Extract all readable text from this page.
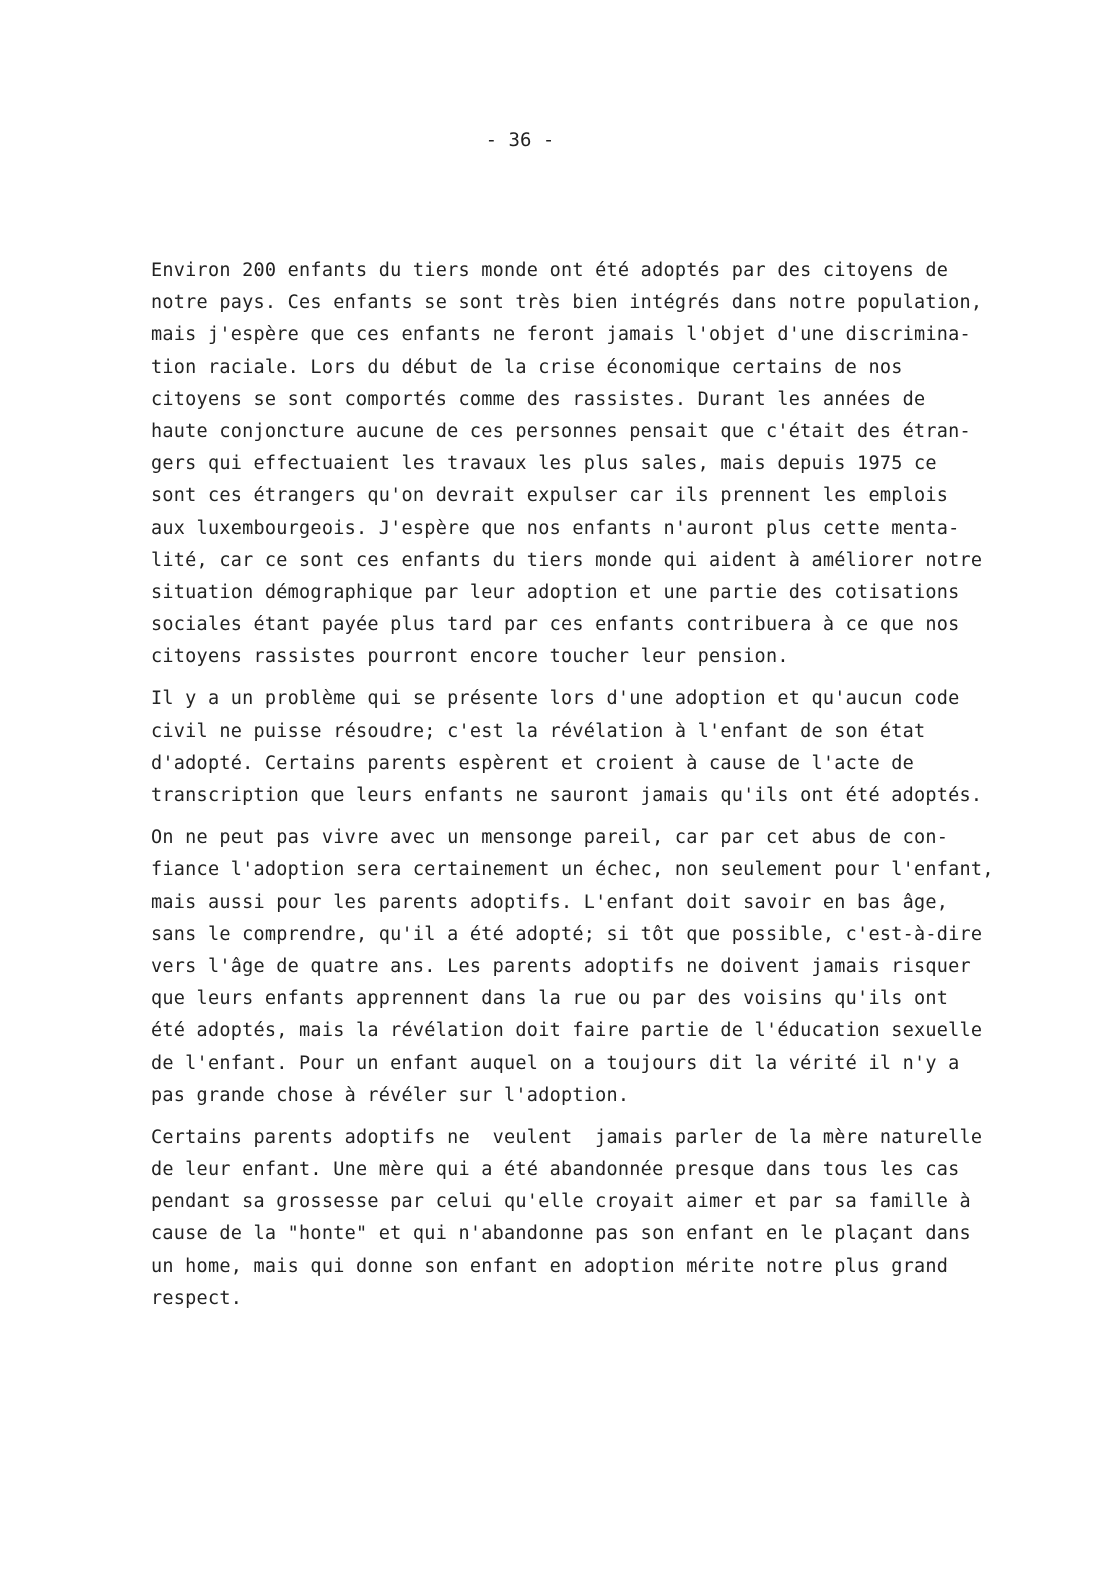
- 36 -
Environ 200 enfants du tiers monde ont été adoptés par des citoyens de
notre pays. Ces enfants se sont très bien intégrés dans notre population,
mais j'espère que ces enfants ne feront jamais l'objet d'une discrimina-
tion raciale. Lors du début de la crise économique certains de nos
citoyens se sont comportés comme des rassistes. Durant les années de
haute conjoncture aucune de ces personnes pensait que c'était des étran-
gers qui effectuaient les travaux les plus sales, mais depuis 1975 ce
sont ces étrangers qu'on devrait expulser car ils prennent les emplois
aux luxembourgeois. J'espère que nos enfants n'auront plus cette menta-
lité, car ce sont ces enfants du tiers monde qui aident à améliorer notre
situation démographique par leur adoption et une partie des cotisations
sociales étant payée plus tard par ces enfants contribuera à ce que nos
citoyens rassistes pourront encore toucher leur pension.
Il y a un problème qui se présente lors d'une adoption et qu'aucun code
civil ne puisse résoudre; c'est la révélation à l'enfant de son état
d'adopté. Certains parents espèrent et croient à cause de l'acte de
transcription que leurs enfants ne sauront jamais qu'ils ont été adoptés.
On ne peut pas vivre avec un mensonge pareil, car par cet abus de con-
fiance l'adoption sera certainement un échec, non seulement pour l'enfant,
mais aussi pour les parents adoptifs. L'enfant doit savoir en bas âge,
sans le comprendre, qu'il a été adopté; si tôt que possible, c'est-à-dire
vers l'âge de quatre ans. Les parents adoptifs ne doivent jamais risquer
que leurs enfants apprennent dans la rue ou par des voisins qu'ils ont
été adoptés, mais la révélation doit faire partie de l'éducation sexuelle
de l'enfant. Pour un enfant auquel on a toujours dit la vérité il n'y a
pas grande chose à révéler sur l'adoption.
Certains parents adoptifs ne  veulent  jamais parler de la mère naturelle
de leur enfant. Une mère qui a été abandonnée presque dans tous les cas
pendant sa grossesse par celui qu'elle croyait aimer et par sa famille à
cause de la "honte" et qui n'abandonne pas son enfant en le plaçant dans
un home, mais qui donne son enfant en adoption mérite notre plus grand
respect.
